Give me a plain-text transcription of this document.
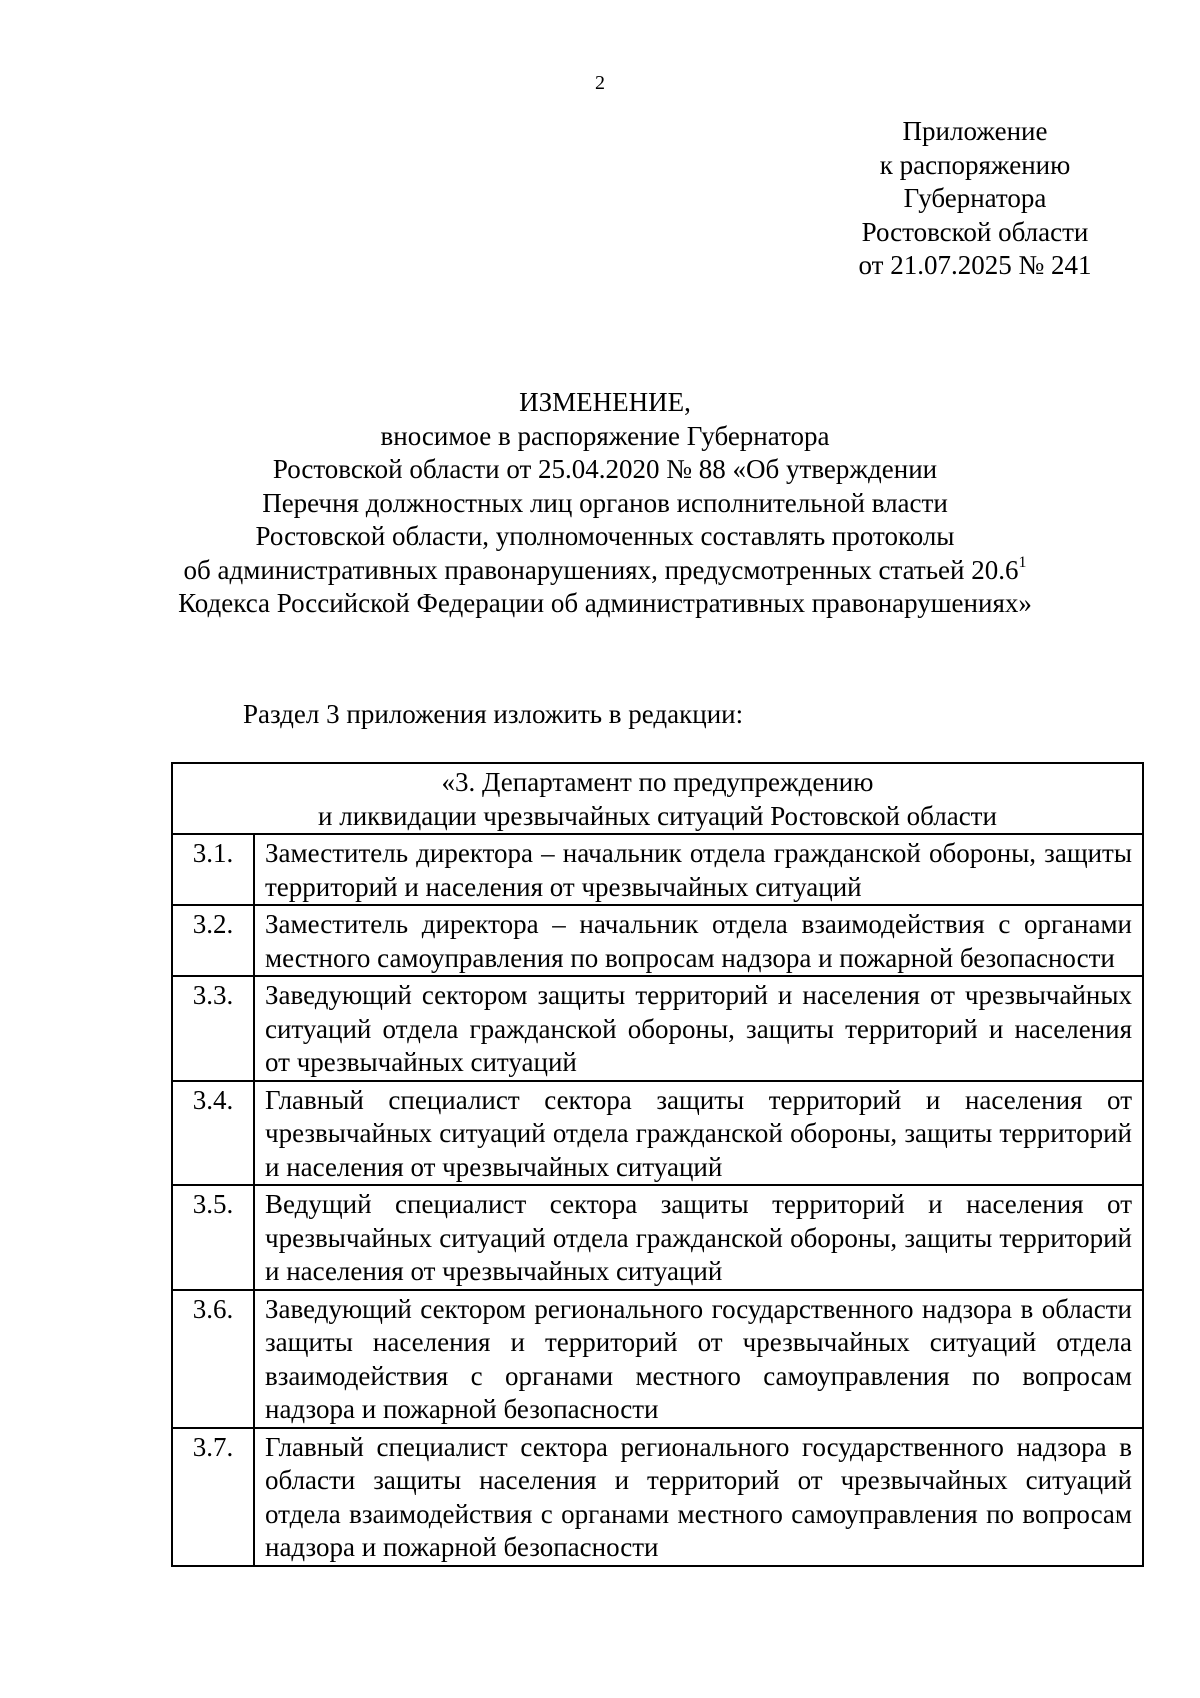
2
Приложение
к распоряжению
Губернатора
Ростовской области
от 21.07.2025 № 241
ИЗМЕНЕНИЕ,
вносимое в распоряжение Губернатора
Ростовской области от 25.04.2020 № 88 «Об утверждении
Перечня должностных лиц органов исполнительной власти
Ростовской области, уполномоченных составлять протоколы
об административных правонарушениях, предусмотренных статьей 20.6$^1$
Кодекса Российской Федерации об административных правонарушениях»
Раздел 3 приложения изложить в редакции:
«3. Департамент по предупреждению
и ликвидации чрезвычайных ситуаций Ростовской области	

3.1.	Заместитель директора – начальник отдела гражданской обороны, защиты территорий и населения от чрезвычайных ситуаций
3.2.	Заместитель директора – начальник отдела взаимодействия с органами местного самоуправления по вопросам надзора и пожарной безопасности
3.3.	Заведующий сектором защиты территорий и населения от чрезвычайных ситуаций отдела гражданской обороны, защиты территорий и населения от чрезвычайных ситуаций
3.4.	Главный специалист сектора защиты территорий и населения от чрезвычайных ситуаций отдела гражданской обороны, защиты территорий и населения от чрезвычайных ситуаций
3.5.	Ведущий специалист сектора защиты территорий и населения от чрезвычайных ситуаций отдела гражданской обороны, защиты территорий и населения от чрезвычайных ситуаций
3.6.	Заведующий сектором регионального государственного надзора в области защиты населения и территорий от чрезвычайных ситуаций отдела взаимодействия с органами местного самоуправления по вопросам надзора и пожарной безопасности
3.7.	Главный специалист сектора регионального государственного надзора в области защиты населения и территорий от чрезвычайных ситуаций отдела взаимодействия с органами местного самоуправления по вопросам надзора и пожарной безопасности
